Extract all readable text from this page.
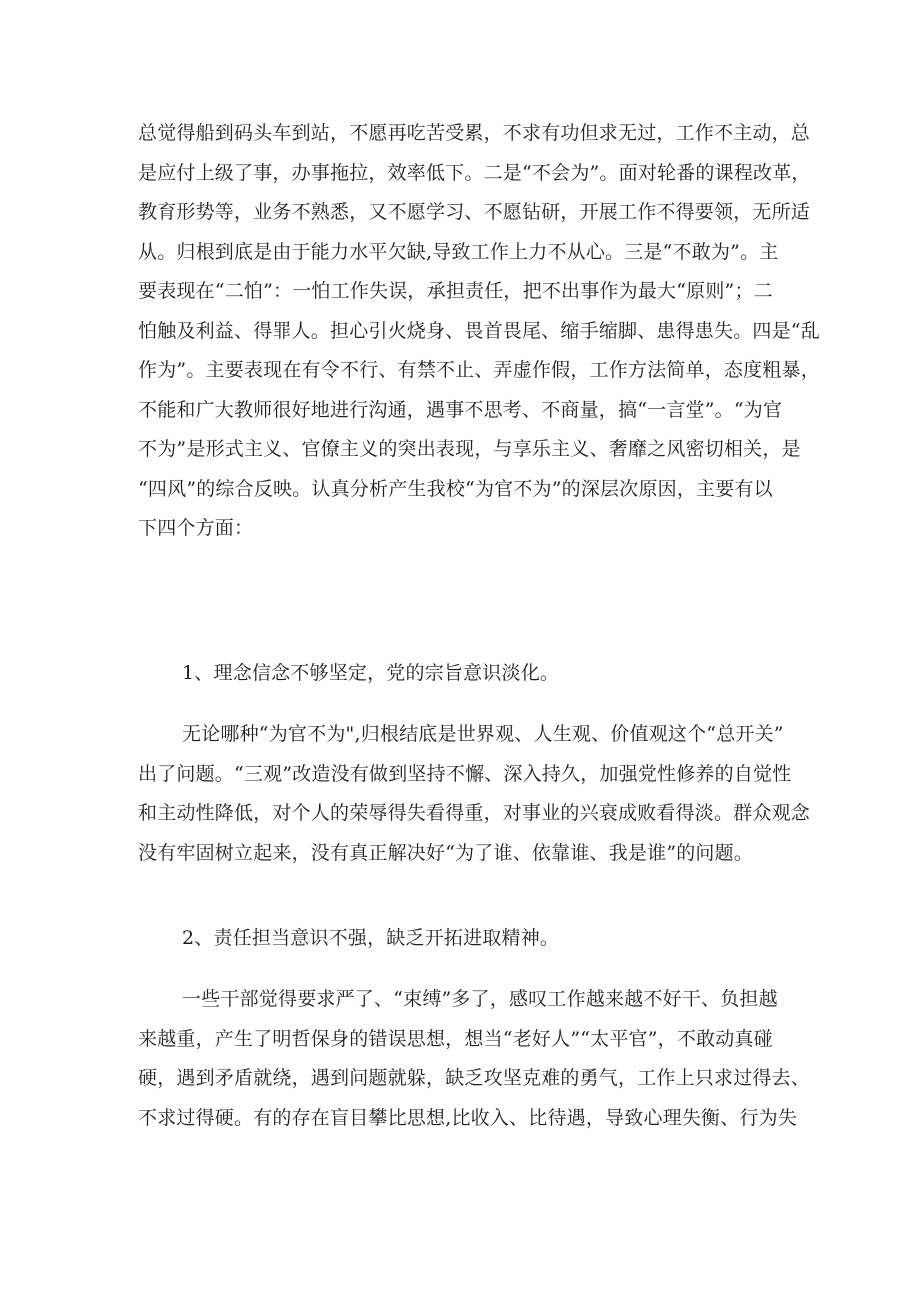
总觉得船到码头车到站，不愿再吃苦受累，不求有功但求无过，工作不主动，总
是应付上级了事，办事拖拉，效率低下。二是“不会为”。面对轮番的课程改革，
教育形势等，业务不熟悉，又不愿学习、不愿钻研，开展工作不得要领，无所适
从。归根到底是由于能力水平欠缺,导致工作上力不从心。三是“不敢为”。主
要表现在“二怕”：一怕工作失误，承担责任，把不出事作为最大“原则”；二
怕触及利益、得罪人。担心引火烧身、畏首畏尾、缩手缩脚、患得患失。四是“乱
作为”。主要表现在有令不行、有禁不止、弄虚作假，工作方法简单，态度粗暴，
不能和广大教师很好地进行沟通，遇事不思考、不商量，搞“一言堂”。“为官
不为”是形式主义、官僚主义的突出表现，与享乐主义、奢靡之风密切相关，是
“四风”的综合反映。认真分析产生我校“为官不为”的深层次原因，主要有以
下四个方面：
1、理念信念不够坚定，党的宗旨意识淡化。
无论哪种“为官不为",归根结底是世界观、人生观、价值观这个“总开关”
出了问题。“三观”改造没有做到坚持不懈、深入持久，加强党性修养的自觉性
和主动性降低，对个人的荣辱得失看得重，对事业的兴衰成败看得淡。群众观念
没有牢固树立起来，没有真正解决好“为了谁、依靠谁、我是谁”的问题。
2、责任担当意识不强，缺乏开拓进取精神。
一些干部觉得要求严了、“束缚”多了，感叹工作越来越不好干、负担越
来越重，产生了明哲保身的错误思想，想当“老好人”“太平官”，不敢动真碰
硬，遇到矛盾就绕，遇到问题就躲，缺乏攻坚克难的勇气，工作上只求过得去、
不求过得硬。有的存在盲目攀比思想,比收入、比待遇，导致心理失衡、行为失
